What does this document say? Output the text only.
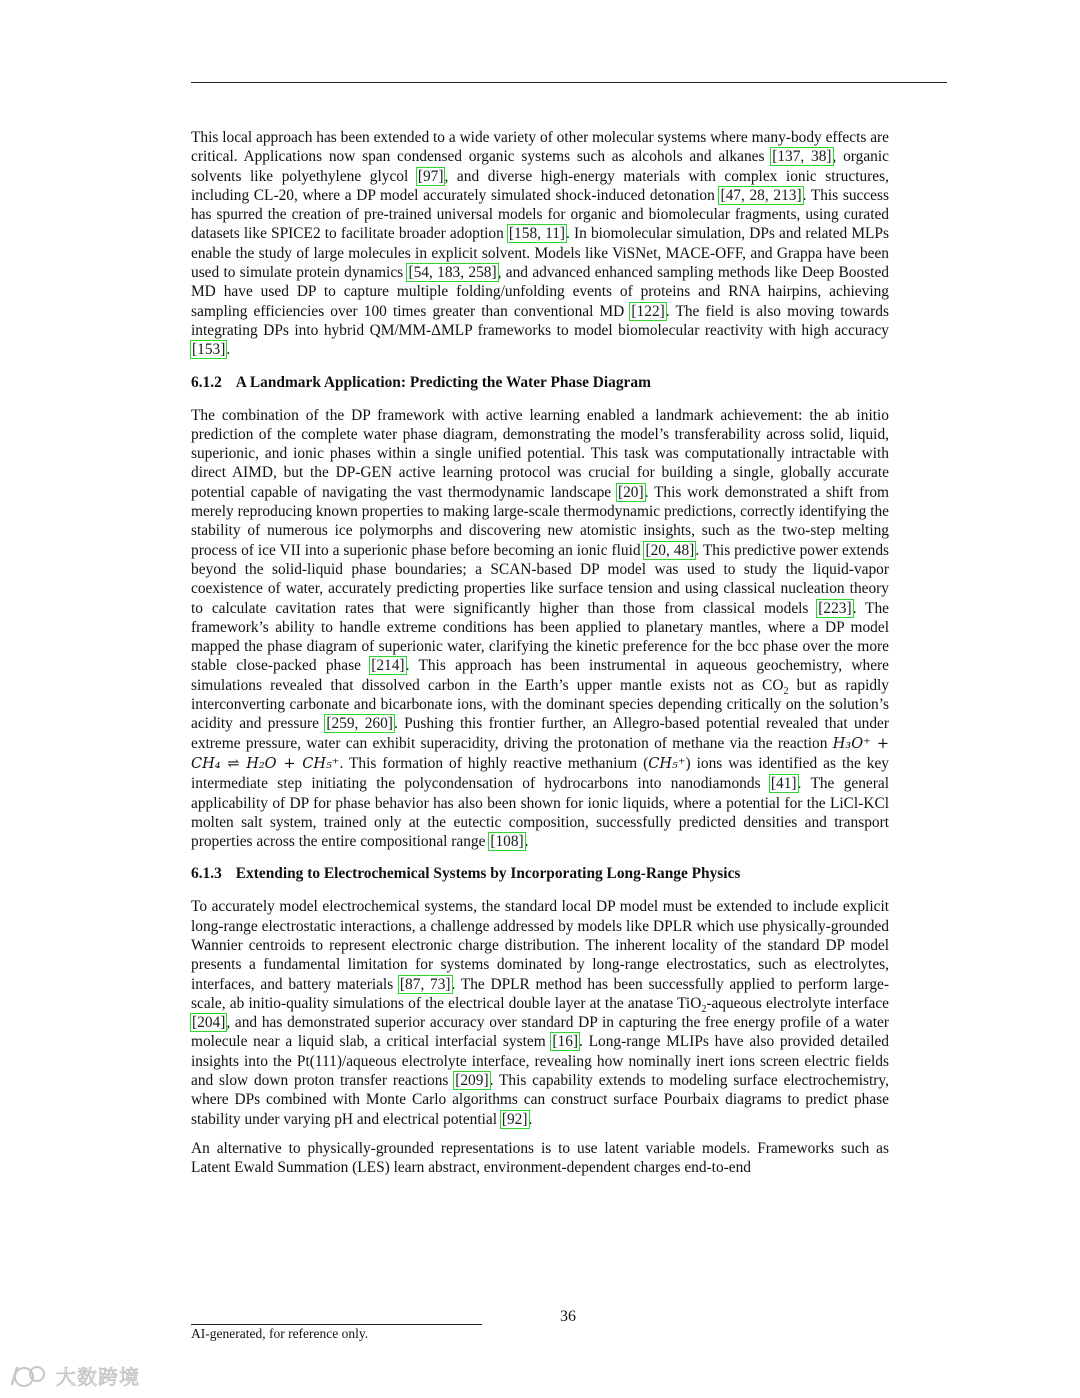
This local approach has been extended to a wide variety of other molecular systems where many-body effects are critical. Applications now span condensed organic systems such as alcohols and alkanes [137, 38], organic solvents like polyethylene glycol [97], and diverse high-energy materials with complex ionic structures, including CL-20, where a DP model accurately simulated shock-induced detonation [47, 28, 213]. This success has spurred the creation of pre-trained universal models for organic and biomolecular fragments, using curated datasets like SPICE2 to facilitate broader adoption [158, 11]. In biomolecular simulation, DPs and related MLPs enable the study of large molecules in explicit solvent. Models like ViSNet, MACE-OFF, and Grappa have been used to simulate protein dynamics [54, 183, 258], and advanced enhanced sampling methods like Deep Boosted MD have used DP to capture multiple folding/unfolding events of proteins and RNA hairpins, achieving sampling efficiencies over 100 times greater than conventional MD [122]. The field is also moving towards integrating DPs into hybrid QM/MM-ΔMLP frameworks to model biomolecular reactivity with high accuracy [153].

6.1.2 A Landmark Application: Predicting the Water Phase Diagram

The combination of the DP framework with active learning enabled a landmark achievement: the ab initio prediction of the complete water phase diagram, demonstrating the model’s transferability across solid, liquid, superionic, and ionic phases within a single unified potential. This task was computationally intractable with direct AIMD, but the DP-GEN active learning protocol was crucial for building a single, globally accurate potential capable of navigating the vast thermodynamic landscape [20]. This work demonstrated a shift from merely reproducing known properties to making large-scale thermodynamic predictions, correctly identifying the stability of numerous ice polymorphs and discovering new atomistic insights, such as the two-step melting process of ice VII into a superionic phase before becoming an ionic fluid [20, 48]. This predictive power extends beyond the solid-liquid phase boundaries; a SCAN-based DP model was used to study the liquid-vapor coexistence of water, accurately predicting properties like surface tension and using classical nucleation theory to calculate cavitation rates that were significantly higher than those from classical models [223]. The framework’s ability to handle extreme conditions has been applied to planetary mantles, where a DP model mapped the phase diagram of superionic water, clarifying the kinetic preference for the bcc phase over the more stable close-packed phase [214]. This approach has been instrumental in aqueous geochemistry, where simulations revealed that dissolved carbon in the Earth’s upper mantle exists not as $CO_2$ but as rapidly interconverting carbonate and bicarbonate ions, with the dominant species depending critically on the solution’s acidity and pressure [259, 260]. Pushing this frontier further, an Allegro-based potential revealed that under extreme pressure, water can exhibit superacidity, driving the protonation of methane via the reaction H₃O⁺ + CH₄ ⇌ H₂O + CH₅⁺. This formation of highly reactive methanium (CH₅⁺) ions was identified as the key intermediate step initiating the polycondensation of hydrocarbons into nanodiamonds [41]. The general applicability of DP for phase behavior has also been shown for ionic liquids, where a potential for the LiCl-KCl molten salt system, trained only at the eutectic composition, successfully predicted densities and transport properties across the entire compositional range [108].

6.1.3 Extending to Electrochemical Systems by Incorporating Long-Range Physics

To accurately model electrochemical systems, the standard local DP model must be extended to include explicit long-range electrostatic interactions, a challenge addressed by models like DPLR which use physically-grounded Wannier centroids to represent electronic charge distribution. The inherent locality of the standard DP model presents a fundamental limitation for systems dominated by long-range electrostatics, such as electrolytes, interfaces, and battery materials [87, 73]. The DPLR method has been successfully applied to perform large-scale, ab initio-quality simulations of the electrical double layer at the anatase TiO$_2$-aqueous electrolyte interface [204], and has demonstrated superior accuracy over standard DP in capturing the free energy profile of a water molecule near a liquid slab, a critical interfacial system [16]. Long-range MLIPs have also provided detailed insights into the Pt(111)/aqueous electrolyte interface, revealing how nominally inert ions screen electric fields and slow down proton transfer reactions [209]. This capability extends to modeling surface electrochemistry, where DPs combined with Monte Carlo algorithms can construct surface Pourbaix diagrams to predict phase stability under varying pH and electrical potential [92].

An alternative to physically-grounded representations is to use latent variable models. Frameworks such as Latent Ewald Summation (LES) learn abstract, environment-dependent charges end-to-end

36
AI-generated, for reference only.
大数跨境
